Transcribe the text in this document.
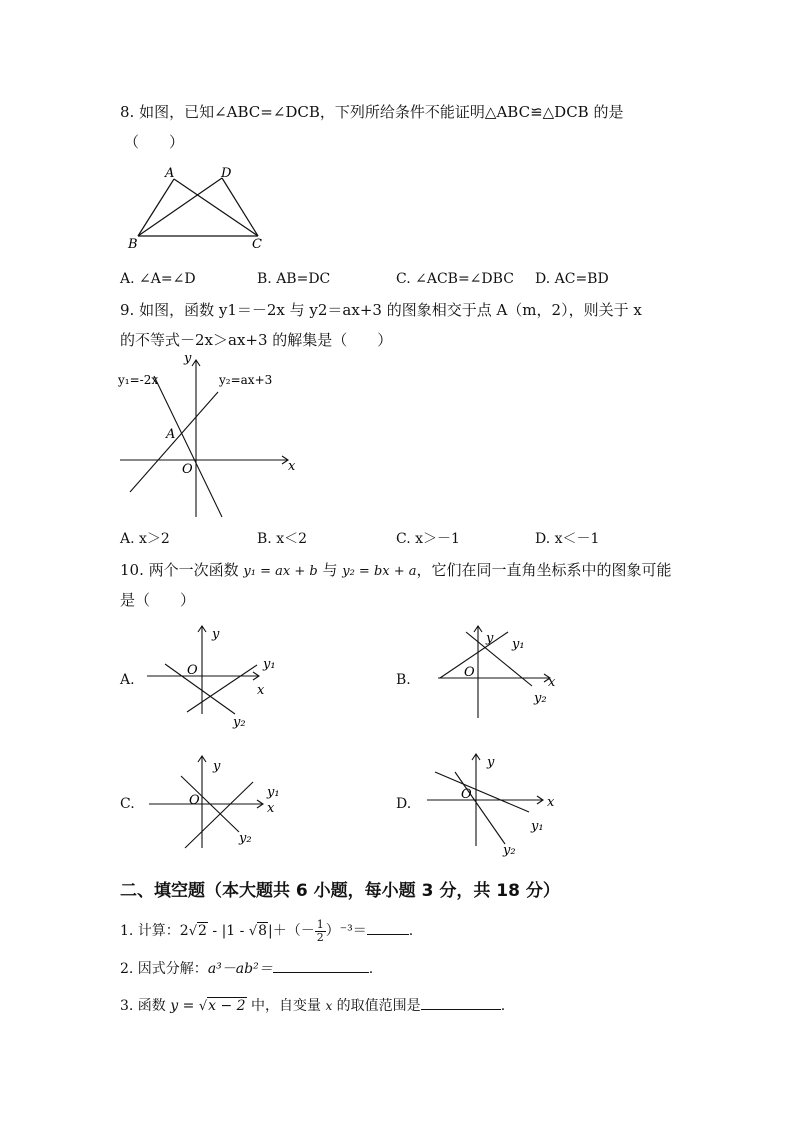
8. 如图，已知∠ABC=∠DCB，下列所给条件不能证明△ABC≌△DCB 的是
（　　）
A	D
B	C
A. ∠A=∠D	B. AB=DC	C. ∠ACB=∠DBC D. AC=BD
9. 如图，函数 y1＝－2x 与 y2＝ax+3 的图象相交于点 A（m，2），则关于 x
的不等式－2x＞ax+3 的解集是（　　）
y
x
O
A
y₁=-2x	y₂=ax+3
A. x＞2	B. x＜2	C. x＞－1	D. x＜－1
10. 两个一次函数 y₁ = ax + b 与 y₂ = bx + a，它们在同一直角坐标系中的图象可能
是（　　）
A.
y
x
O	y₁
y₂
B.
y
x
O
y₁
y₂
C.
y
x
O
y₁
y₂
D.
y
x
O
y₁
y₂
二、填空题（本大题共 6 小题，每小题 3 分，共 18 分）
1. 计算：$2√2 - |1 - √8|+(- \frac{1}{2} )^{-3}=$	.
2. 因式分解：a³－ab²＝	.
3. 函数 y = √x − 2 中，自变量 x 的取值范围是	.
